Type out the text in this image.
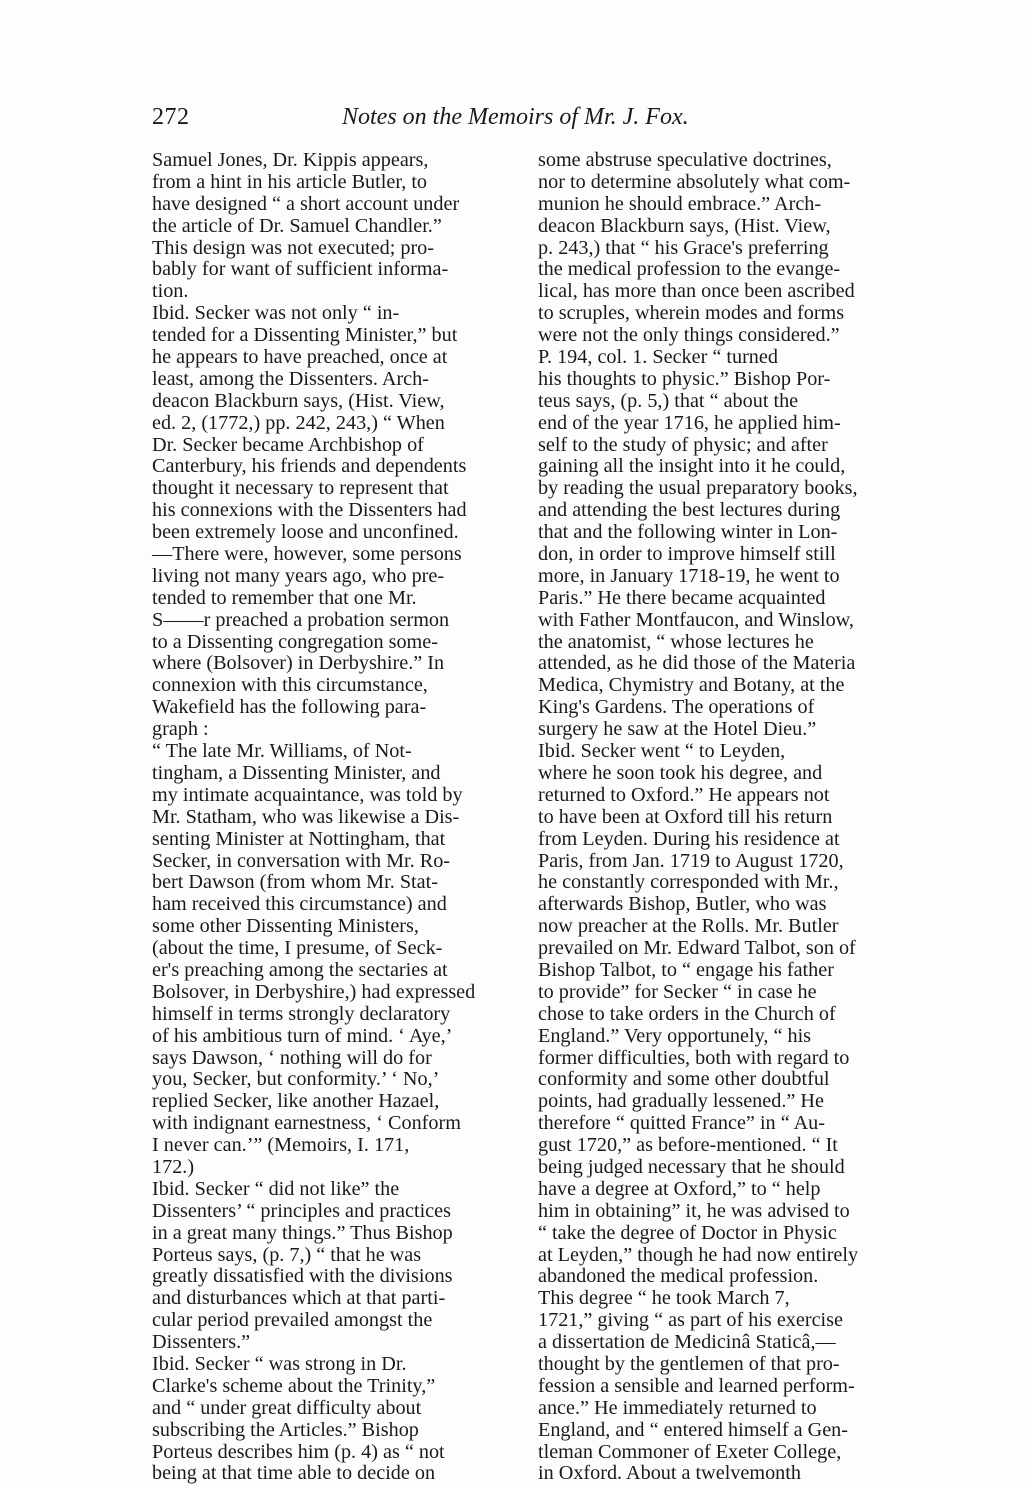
272	Notes on the Memoirs of Mr. J. Fox.
Samuel Jones, Dr. Kippis appears,
from a hint in his article Butler, to
have designed “ a short account under
the article of Dr. Samuel Chandler.”
This design was not executed; pro-
bably for want of sufficient informa-
tion.
Ibid. Secker was not only “ in-
tended for a Dissenting Minister,” but
he appears to have preached, once at
least, among the Dissenters. Arch-
deacon Blackburn says, (Hist. View,
ed. 2, (1772,) pp. 242, 243,) “ When
Dr. Secker became Archbishop of
Canterbury, his friends and dependents
thought it necessary to represent that
his connexions with the Dissenters had
been extremely loose and unconfined.
—There were, however, some persons
living not many years ago, who pre-
tended to remember that one Mr.
S——r preached a probation sermon
to a Dissenting congregation some-
where (Bolsover) in Derbyshire.” In
connexion with this circumstance,
Wakefield has the following para-
graph :
“ The late Mr. Williams, of Not-
tingham, a Dissenting Minister, and
my intimate acquaintance, was told by
Mr. Statham, who was likewise a Dis-
senting Minister at Nottingham, that
Secker, in conversation with Mr. Ro-
bert Dawson (from whom Mr. Stat-
ham received this circumstance) and
some other Dissenting Ministers,
(about the time, I presume, of Seck-
er's preaching among the sectaries at
Bolsover, in Derbyshire,) had expressed
himself in terms strongly declaratory
of his ambitious turn of mind. ‘ Aye,’
says Dawson, ‘ nothing will do for
you, Secker, but conformity.’ ‘ No,’
replied Secker, like another Hazael,
with indignant earnestness, ‘ Conform
I never can.’” (Memoirs, I. 171,
172.)
Ibid. Secker “ did not like” the
Dissenters’ “ principles and practices
in a great many things.” Thus Bishop
Porteus says, (p. 7,) “ that he was
greatly dissatisfied with the divisions
and disturbances which at that parti-
cular period prevailed amongst the
Dissenters.”
Ibid. Secker “ was strong in Dr.
Clarke's scheme about the Trinity,”
and “ under great difficulty about
subscribing the Articles.” Bishop
Porteus describes him (p. 4) as “ not
being at that time able to decide on
some abstruse speculative doctrines,
nor to determine absolutely what com-
munion he should embrace.” Arch-
deacon Blackburn says, (Hist. View,
p. 243,) that “ his Grace's preferring
the medical profession to the evange-
lical, has more than once been ascribed
to scruples, wherein modes and forms
were not the only things considered.”
P. 194, col. 1. Secker “ turned
his thoughts to physic.” Bishop Por-
teus says, (p. 5,) that “ about the
end of the year 1716, he applied him-
self to the study of physic; and after
gaining all the insight into it he could,
by reading the usual preparatory books,
and attending the best lectures during
that and the following winter in Lon-
don, in order to improve himself still
more, in January 1718-19, he went to
Paris.” He there became acquainted
with Father Montfaucon, and Winslow,
the anatomist, “ whose lectures he
attended, as he did those of the Materia
Medica, Chymistry and Botany, at the
King's Gardens. The operations of
surgery he saw at the Hotel Dieu.”
Ibid. Secker went “ to Leyden,
where he soon took his degree, and
returned to Oxford.” He appears not
to have been at Oxford till his return
from Leyden. During his residence at
Paris, from Jan. 1719 to August 1720,
he constantly corresponded with Mr.,
afterwards Bishop, Butler, who was
now preacher at the Rolls. Mr. Butler
prevailed on Mr. Edward Talbot, son of
Bishop Talbot, to “ engage his father
to provide” for Secker “ in case he
chose to take orders in the Church of
England.” Very opportunely, “ his
former difficulties, both with regard to
conformity and some other doubtful
points, had gradually lessened.” He
therefore “ quitted France” in “ Au-
gust 1720,” as before-mentioned. “ It
being judged necessary that he should
have a degree at Oxford,” to “ help
him in obtaining” it, he was advised to
“ take the degree of Doctor in Physic
at Leyden,” though he had now entirely
abandoned the medical profession.
This degree “ he took March 7,
1721,” giving “ as part of his exercise
a dissertation de Medicinâ Staticâ,—
thought by the gentlemen of that pro-
fession a sensible and learned perform-
ance.” He immediately returned to
England, and “ entered himself a Gen-
tleman Commoner of Exeter College,
in Oxford. About a twelvemonth
